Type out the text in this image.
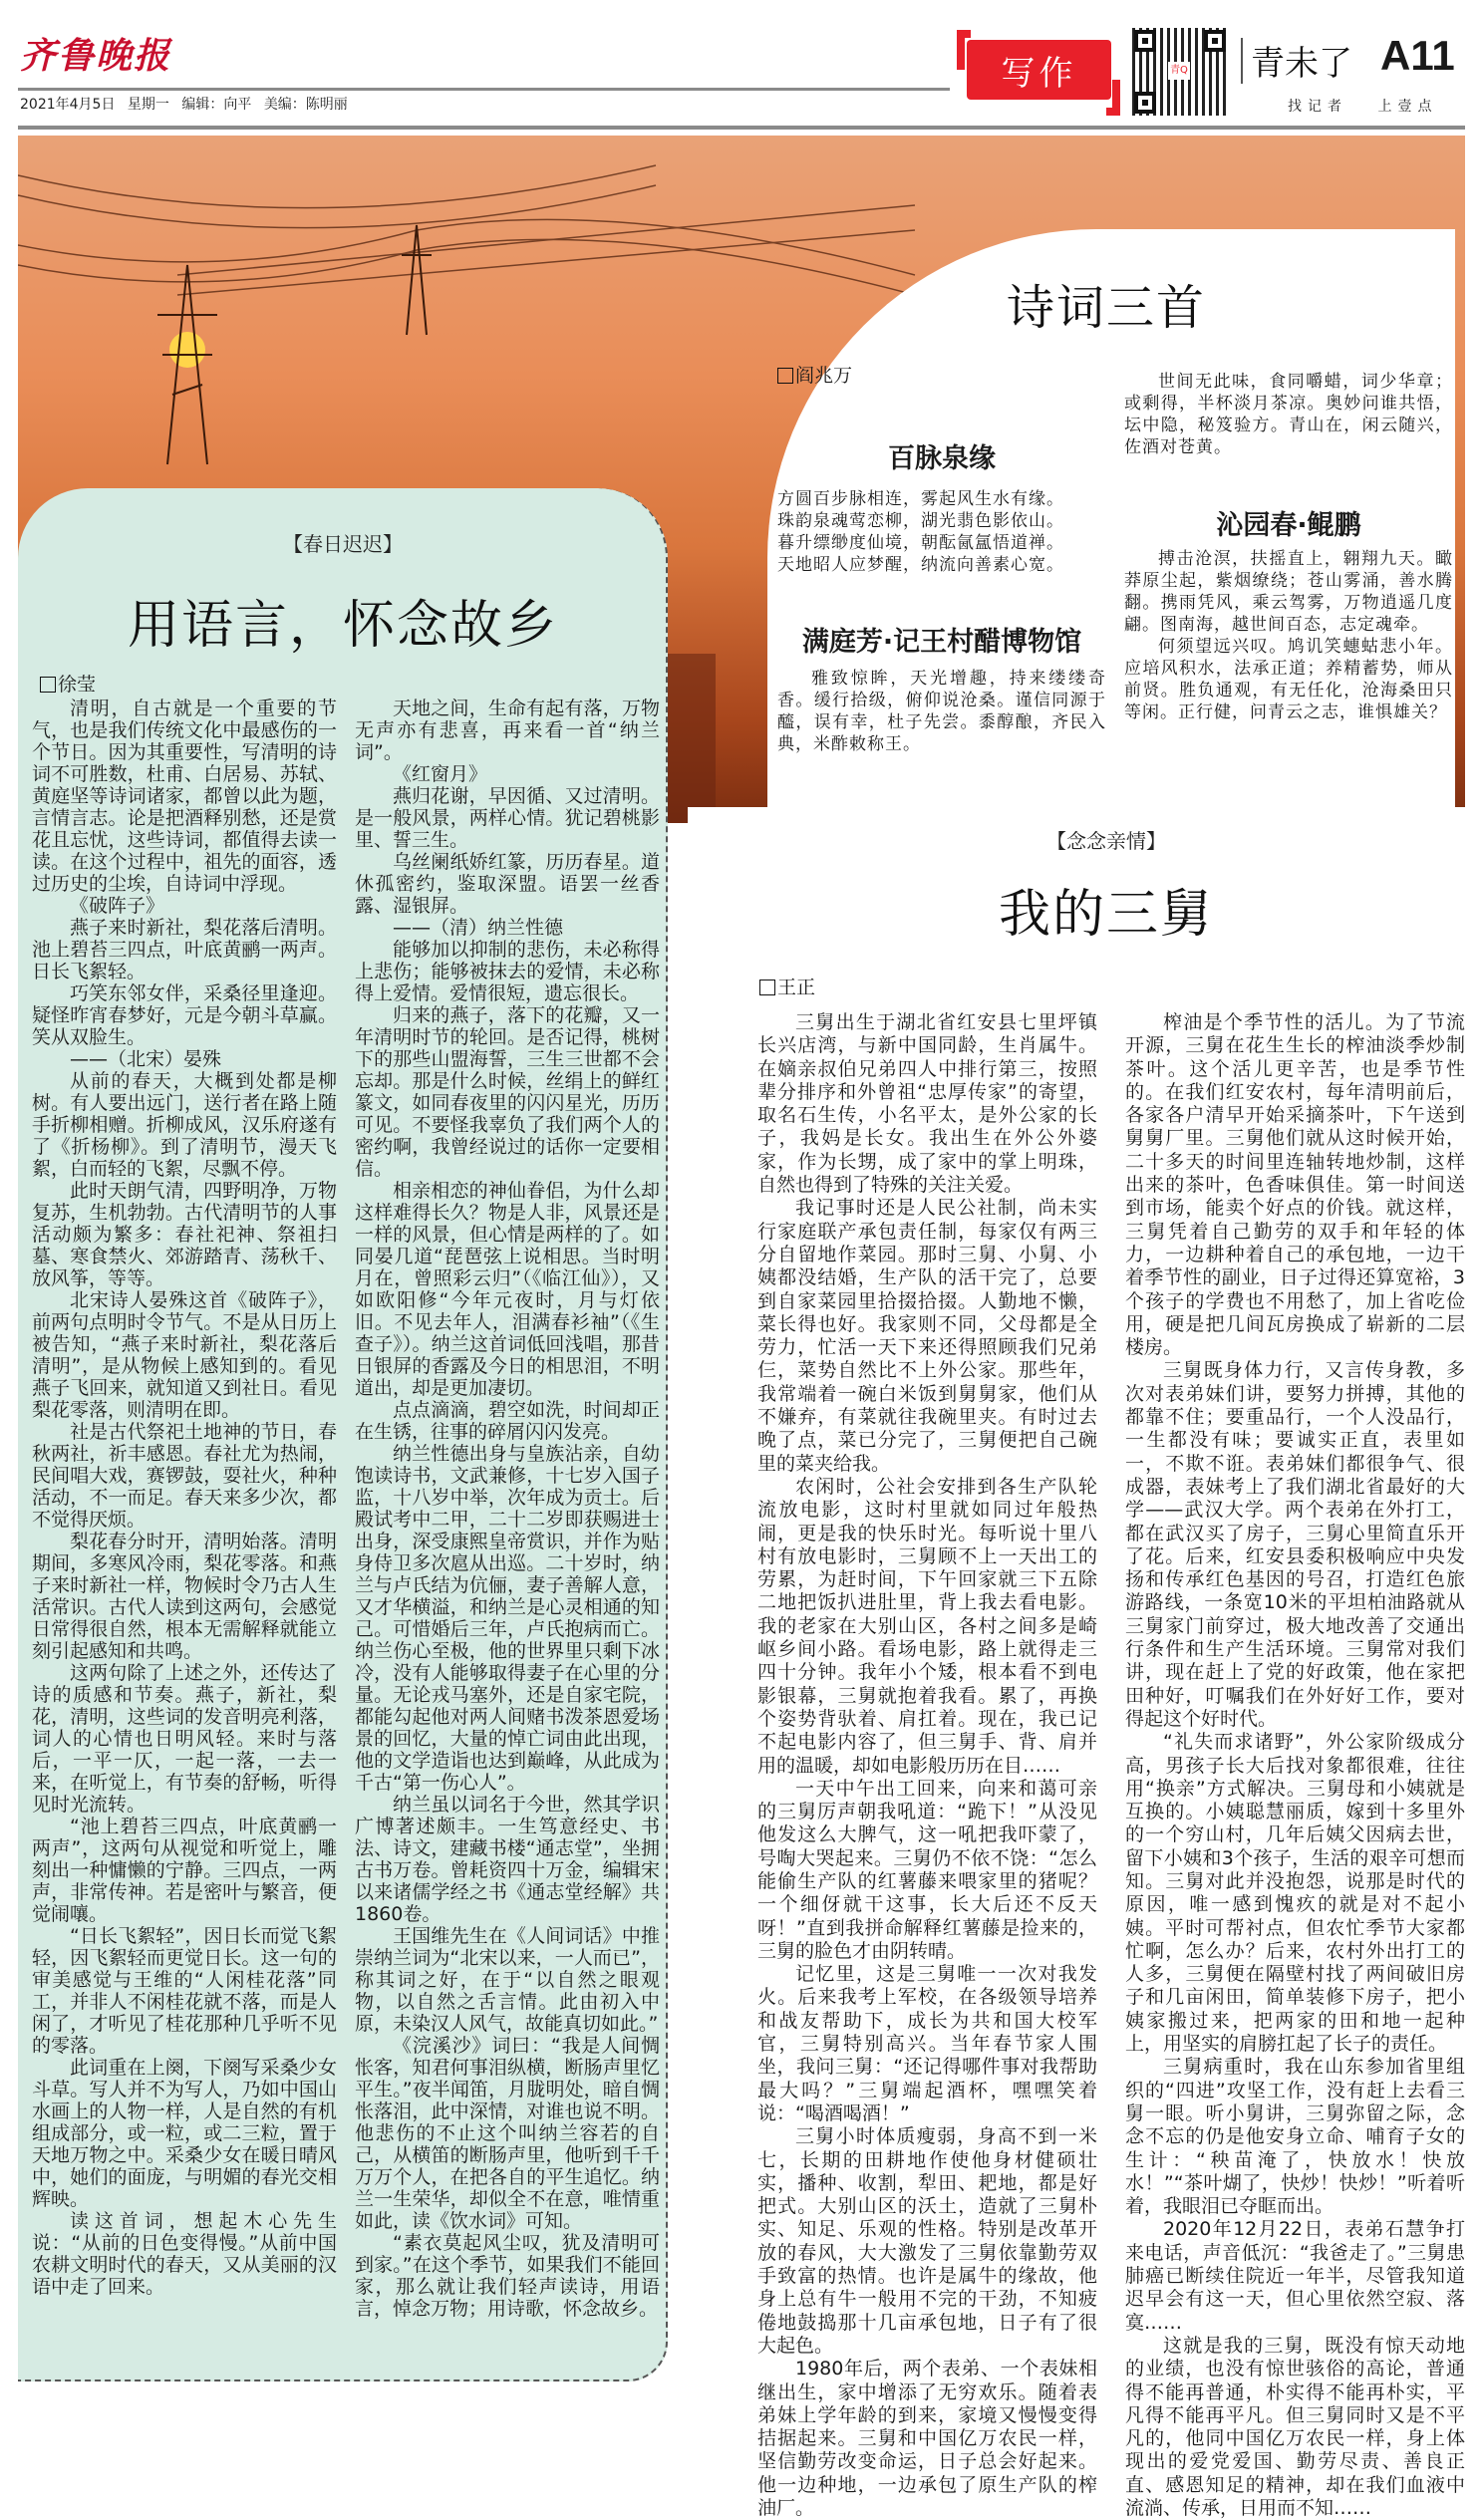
齐鲁晚报
2021年4月5日 星期一 编辑：向平 美编：陈明丽
写作	青Q 青未了 A11
找记者 上壹点
诗词三首
阎兆万
百脉泉缘
方圆百步脉相连，雾起风生水有缘。
珠韵泉魂莺恋柳，湖光翡色影依山。
暮升缥缈度仙境，朝酝氤氲悟道禅。
天地昭人应梦醒，纳流向善素心宽。
满庭芳·记王村醋博物馆

雅致惊眸，天光增趣，持来缕缕奇香。缓行拾级，俯仰说沧桑。谨信同源于醯，误有幸，杜子先尝。黍醇酿，齐民入典，米酢敕称王。

世间无此味，食同嚼蜡，词少华章；或剩得，半杯淡月茶凉。奥妙问谁共悟，坛中隐，秘笈验方。青山在，闲云随兴，佐酒对苍黄。

沁园春·鲲鹏

搏击沧溟，扶摇直上，翱翔九天。瞰莽原尘起，紫烟缭绕；苍山雾涌，善水腾翻。携雨凭风，乘云驾雾，万物逍遥几度翩。图南海，越世间百态，志定魂牵。

何须望远兴叹。鸠讥笑蟪蛄悲小年。应培风积水，法承正道；养精蓄势，师从前贤。胜负通观，有无任化，沧海桑田只等闲。正行健，问青云之志，谁惧雄关？

【春日迟迟】
用语言，怀念故乡
徐莹

清明，自古就是一个重要的节气，也是我们传统文化中最感伤的一个节日。因为其重要性，写清明的诗词不可胜数，杜甫、白居易、苏轼、黄庭坚等诗词诸家，都曾以此为题，言情言志。论是把酒释别愁，还是赏花且忘忧，这些诗词，都值得去读一读。在这个过程中，祖先的面容，透过历史的尘埃，自诗词中浮现。

《破阵子》

燕子来时新社，梨花落后清明。池上碧苔三四点，叶底黄鹂一两声。日长飞絮轻。

巧笑东邻女伴，采桑径里逢迎。疑怪昨宵春梦好，元是今朝斗草赢。笑从双脸生。

——（北宋）晏殊

从前的春天，大概到处都是柳树。有人要出远门，送行者在路上随手折柳相赠。折柳成风，汉乐府遂有了《折杨柳》。到了清明节，漫天飞絮，白而轻的飞絮，尽飘不停。

此时天朗气清，四野明净，万物复苏，生机勃勃。古代清明节的人事活动颇为繁多：春社祀神、祭祖扫墓、寒食禁火、郊游踏青、荡秋千、放风筝，等等。

北宋诗人晏殊这首《破阵子》，前两句点明时令节气。不是从日历上被告知，“燕子来时新社，梨花落后清明”，是从物候上感知到的。看见燕子飞回来，就知道又到社日。看见梨花零落，则清明在即。

社是古代祭祀土地神的节日，春秋两社，祈丰感恩。春社尤为热闹，民间唱大戏，赛锣鼓，耍社火，种种活动，不一而足。春天来多少次，都不觉得厌烦。

梨花春分时开，清明始落。清明期间，多寒风冷雨，梨花零落。和燕子来时新社一样，物候时令乃古人生活常识。古代人读到这两句，会感觉日常得很自然，根本无需解释就能立刻引起感知和共鸣。

这两句除了上述之外，还传达了诗的质感和节奏。燕子，新社，梨花，清明，这些词的发音明亮利落，词人的心情也日明风轻。来时与落后，一平一仄，一起一落，一去一来，在听觉上，有节奏的舒畅，听得见时光流转。

“池上碧苔三四点，叶底黄鹂一两声”，这两句从视觉和听觉上，雕刻出一种慵懒的宁静。三四点，一两声，非常传神。若是密叶与繁音，便觉闹嚷。

“日长飞絮轻”，因日长而觉飞絮轻，因飞絮轻而更觉日长。这一句的审美感觉与王维的“人闲桂花落”同工，并非人不闲桂花就不落，而是人闲了，才听见了桂花那种几乎听不见的零落。

此词重在上阕，下阕写采桑少女斗草。写人并不为写人，乃如中国山水画上的人物一样，人是自然的有机组成部分，或一粒，或二三粒，置于天地万物之中。采桑少女在暖日晴风中，她们的面庞，与明媚的春光交相辉映。

读这首词，想起木心先生说：“从前的日色变得慢。”从前中国农耕文明时代的春天，又从美丽的汉语中走了回来。

天地之间，生命有起有落，万物无声亦有悲喜，再来看一首“纳兰词”。

《红窗月》

燕归花谢，早因循、又过清明。是一般风景，两样心情。犹记碧桃影里、誓三生。

乌丝阑纸娇红篆，历历春星。道休孤密约，鉴取深盟。语罢一丝香露、湿银屏。

——（清）纳兰性德

能够加以抑制的悲伤，未必称得上悲伤；能够被抹去的爱情，未必称得上爱情。爱情很短，遗忘很长。

归来的燕子，落下的花瓣，又一年清明时节的轮回。是否记得，桃树下的那些山盟海誓，三生三世都不会忘却。那是什么时候，丝绢上的鲜红篆文，如同春夜里的闪闪星光，历历可见。不要怪我辜负了我们两个人的密约啊，我曾经说过的话你一定要相信。

相亲相恋的神仙眷侣，为什么却这样难得长久？物是人非，风景还是一样的风景，但心情是两样的了。如同晏几道“琵琶弦上说相思。当时明月在，曾照彩云归”（《临江仙》），又如欧阳修“今年元夜时，月与灯依旧。不见去年人，泪满春衫袖”（《生查子》）。纳兰这首词低回浅唱，那昔日银屏的香露及今日的相思泪，不明道出，却是更加凄切。

点点滴滴，碧空如洗，时间却正在生锈，往事的碎屑闪闪发亮。

纳兰性德出身与皇族沾亲，自幼饱读诗书，文武兼修，十七岁入国子监，十八岁中举，次年成为贡士。后殿试考中二甲，二十二岁即获赐进士出身，深受康熙皇帝赏识，并作为贴身侍卫多次扈从出巡。二十岁时，纳兰与卢氏结为伉俪，妻子善解人意，又才华横溢，和纳兰是心灵相通的知己。可惜婚后三年，卢氏抱病而亡。纳兰伤心至极，他的世界里只剩下冰冷，没有人能够取得妻子在心里的分量。无论戎马塞外，还是自家宅院，都能勾起他对两人间赌书泼茶恩爱场景的回忆，大量的悼亡词由此出现，他的文学造诣也达到巅峰，从此成为千古“第一伤心人”。

纳兰虽以词名于今世，然其学识广博著述颇丰。一生笃意经史、书法、诗文，建藏书楼“通志堂”，坐拥古书万卷。曾耗资四十万金，编辑宋以来诸儒学经之书《通志堂经解》共1860卷。

王国维先生在《人间词话》中推崇纳兰词为“北宋以来，一人而已”，称其词之好，在于“以自然之眼观物，以自然之舌言情。此由初入中原，未染汉人风气，故能真切如此。”

《浣溪沙》词曰：“我是人间惆怅客，知君何事泪纵横，断肠声里忆平生。”夜半闻笛，月胧明处，暗自惆怅落泪，此中深情，对谁也说不明。他悲伤的不止这个叫纳兰容若的自己，从横笛的断肠声里，他听到千千万万个人，在把各自的平生追忆。纳兰一生荣华，却似全不在意，唯情重如此，读《饮水词》可知。

“素衣莫起风尘叹，犹及清明可到家。”在这个季节，如果我们不能回家，那么就让我们轻声读诗，用语言，悼念万物；用诗歌，怀念故乡。

【念念亲情】
我的三舅
王正

三舅出生于湖北省红安县七里坪镇长兴店湾，与新中国同龄，生肖属牛。在嫡亲叔伯兄弟四人中排行第三，按照辈分排序和外曾祖“忠厚传家”的寄望，取名石生传，小名平太，是外公家的长子，我妈是长女。我出生在外公外婆家，作为长甥，成了家中的掌上明珠，自然也得到了特殊的关注关爱。

我记事时还是人民公社制，尚未实行家庭联产承包责任制，每家仅有两三分自留地作菜园。那时三舅、小舅、小姨都没结婚，生产队的活干完了，总要到自家菜园里拾掇拾掇。人勤地不懒，菜长得也好。我家则不同，父母都是全劳力，忙活一天下来还得照顾我们兄弟仨，菜势自然比不上外公家。那些年，我常端着一碗白米饭到舅舅家，他们从不嫌弃，有菜就往我碗里夹。有时过去晚了点，菜已分完了，三舅便把自己碗里的菜夹给我。

农闲时，公社会安排到各生产队轮流放电影，这时村里就如同过年般热闹，更是我的快乐时光。每听说十里八村有放电影时，三舅顾不上一天出工的劳累，为赶时间，下午回家就三下五除二地把饭扒进肚里，背上我去看电影。我的老家在大别山区，各村之间多是崎岖乡间小路。看场电影，路上就得走三四十分钟。我年小个矮，根本看不到电影银幕，三舅就抱着我看。累了，再换个姿势背驮着、肩扛着。现在，我已记不起电影内容了，但三舅手、背、肩并用的温暖，却如电影般历历在目……

一天中午出工回来，向来和蔼可亲的三舅厉声朝我吼道：“跪下！”从没见他发这么大脾气，这一吼把我吓蒙了，号啕大哭起来。三舅仍不依不饶：“怎么能偷生产队的红薯藤来喂家里的猪呢？一个细伢就干这事，长大后还不反天呀！”直到我拼命解释红薯藤是捡来的，三舅的脸色才由阴转晴。

记忆里，这是三舅唯一一次对我发火。后来我考上军校，在各级领导培养和战友帮助下，成长为共和国大校军官，三舅特别高兴。当年春节家人围坐，我问三舅：“还记得哪件事对我帮助最大吗？”三舅端起酒杯，嘿嘿笑着说：“喝酒喝酒！”

三舅小时体质瘦弱，身高不到一米七，长期的田耕地作使他身材健硕壮实，播种、收割，犁田、耙地，都是好把式。大别山区的沃土，造就了三舅朴实、知足、乐观的性格。特别是改革开放的春风，大大激发了三舅依靠勤劳双手致富的热情。也许是属牛的缘故，他身上总有牛一般用不完的干劲，不知疲倦地鼓捣那十几亩承包地，日子有了很大起色。

1980年后，两个表弟、一个表妹相继出生，家中增添了无穷欢乐。随着表弟妹上学年龄的到来，家境又慢慢变得拮据起来。三舅和中国亿万农民一样，坚信勤劳改变命运，日子总会好起来。他一边种地，一边承包了原生产队的榨油厂。

榨油是个季节性的活儿。为了节流开源，三舅在花生生长的榨油淡季炒制茶叶。这个活儿更辛苦，也是季节性的。在我们红安农村，每年清明前后，各家各户清早开始采摘茶叶，下午送到舅舅厂里。三舅他们就从这时候开始，二十多天的时间里连轴转地炒制，这样出来的茶叶，色香味俱佳。第一时间送到市场，能卖个好点的价钱。就这样，三舅凭着自己勤劳的双手和年轻的体力，一边耕种着自己的承包地，一边干着季节性的副业，日子过得还算宽裕，3个孩子的学费也不用愁了，加上省吃俭用，硬是把几间瓦房换成了崭新的二层楼房。

三舅既身体力行，又言传身教，多次对表弟妹们讲，要努力拼搏，其他的都靠不住；要重品行，一个人没品行，一生都没有味；要诚实正直，表里如一，不欺不诳。表弟妹们都很争气、很成器，表妹考上了我们湖北省最好的大学——武汉大学。两个表弟在外打工，都在武汉买了房子，三舅心里简直乐开了花。后来，红安县委积极响应中央发扬和传承红色基因的号召，打造红色旅游路线，一条宽10米的平坦柏油路就从三舅家门前穿过，极大地改善了交通出行条件和生产生活环境。三舅常对我们讲，现在赶上了党的好政策，他在家把田种好，叮嘱我们在外好好工作，要对得起这个好时代。

“礼失而求诸野”，外公家阶级成分高，男孩子长大后找对象都很难，往往用“换亲”方式解决。三舅母和小姨就是互换的。小姨聪慧丽质，嫁到十多里外的一个穷山村，几年后姨父因病去世，留下小姨和3个孩子，生活的艰辛可想而知。三舅对此并没抱怨，说那是时代的原因，唯一感到愧疚的就是对不起小姨。平时可帮衬点，但农忙季节大家都忙啊，怎么办？后来，农村外出打工的人多，三舅便在隔壁村找了两间破旧房子和几亩闲田，简单装修下房子，把小姨家搬过来，把两家的田和地一起种上，用坚实的肩膀扛起了长子的责任。

三舅病重时，我在山东参加省里组织的“四进”攻坚工作，没有赶上去看三舅一眼。听小舅讲，三舅弥留之际，念念不忘的仍是他安身立命、哺育子女的生计：“秧苗淹了，快放水！快放水！”“茶叶煳了，快炒！快炒！”听着听着，我眼泪已夺眶而出。

2020年12月22日，表弟石慧争打来电话，声音低沉：“我爸走了。”三舅患肺癌已断续住院近一年半，尽管我知道迟早会有这一天，但心里依然空寂、落寞……

这就是我的三舅，既没有惊天动地的业绩，也没有惊世骇俗的高论，普通得不能再普通，朴实得不能再朴实，平凡得不能再平凡。但三舅同时又是不平凡的，他同中国亿万农民一样，身上体现出的爱党爱国、勤劳尽责、善良正直、感恩知足的精神，却在我们血液中流淌、传承，日用而不知……
